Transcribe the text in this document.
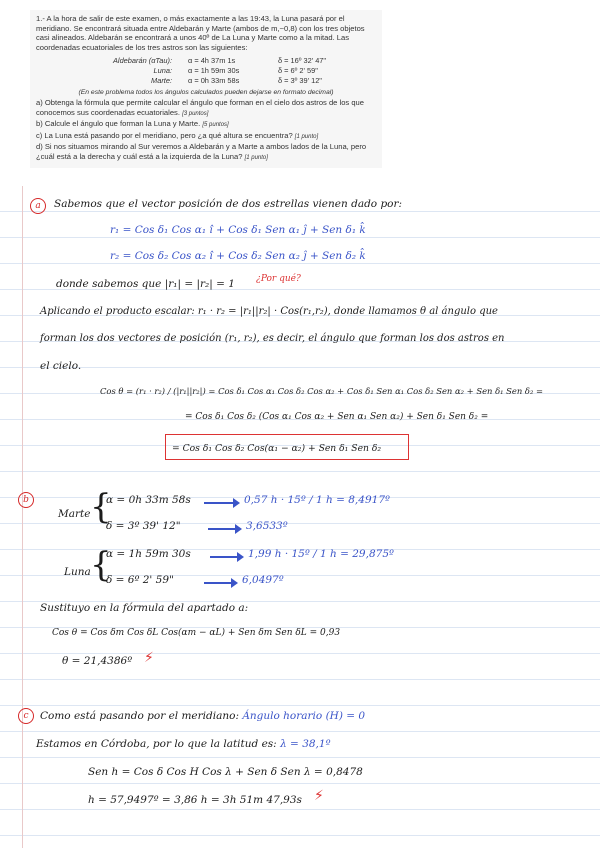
1.- A la hora de salir de este examen, o más exactamente a las 19:43, la Luna pasará por el meridiano. Se encontrará situada entre Aldebarán y Marte (ambos de m,~0,8) con los tres objetos casi alineados. Aldebarán se encontrará a unos 40º de La Luna y Marte como a la mitad. Las coordenadas ecuatoriales de los tres astros son las siguientes:

Aldebarán (αTau):	α = 4h 37m 1s	δ = 16º 32' 47"
Luna:	α = 1h 59m 30s	δ = 6º 2' 59"
Marte:	α = 0h 33m 58s	δ = 3º 39' 12"

(En este problema todos los ángulos calculados pueden dejarse en formato decimal)

a) Obtenga la fórmula que permite calcular el ángulo que forman en el cielo dos astros de los que conocemos sus coordenadas ecuatoriales. [3 puntos]

b) Calcule el ángulo que forman la Luna y Marte. [5 puntos]

c) La Luna está pasando por el meridiano, pero ¿a qué altura se encuentra? [1 punto]

d) Si nos situamos mirando al Sur veremos a Aldebarán y a Marte a ambos lados de la Luna, pero ¿cuál está a la derecha y cuál está a la izquierda de la Luna? [1 punto]

a	Sabemos que el vector posición de dos estrellas vienen dado por:
r₁ = Cos δ₁ Cos α₁ î + Cos δ₁ Sen α₁ ĵ + Sen δ₁ k̂
r₂ = Cos δ₂ Cos α₂ î + Cos δ₂ Sen α₂ ĵ + Sen δ₂ k̂
donde sabemos que |r₁| = |r₂| = 1 ¿Por qué?
Aplicando el producto escalar: r₁ · r₂ = |r₁||r₂| · Cos(r₁,r₂), donde llamamos θ al ángulo que
forman los dos vectores de posición (r₁, r₂), es decir, el ángulo que forman los dos astros en
el cielo.
Cos θ = (r₁ · r₂) / (|r₁||r₂|) = Cos δ₁ Cos α₁ Cos δ₂ Cos α₂ + Cos δ₁ Sen α₁ Cos δ₂ Sen α₂ + Sen δ₁ Sen δ₂ =
= Cos δ₁ Cos δ₂ (Cos α₁ Cos α₂ + Sen α₁ Sen α₂) + Sen δ₁ Sen δ₂ =
= Cos δ₁ Cos δ₂ Cos(α₁ − α₂) + Sen δ₁ Sen δ₂
b
Marte {
α = 0h 33m 58s	0,57 h · 15º / 1 h = 8,4917º
δ = 3º 39' 12"	3,6533º
Luna {
α = 1h 59m 30s	1,99 h · 15º / 1 h = 29,875º
δ = 6º 2' 59"	6,0497º
Sustituyo en la fórmula del apartado a:
Cos θ = Cos δm Cos δL Cos(αm − αL) + Sen δm Sen δL = 0,93
θ = 21,4386º ⚡
c	Como está pasando por el meridiano: Ángulo horario (H) = 0
Estamos en Córdoba, por lo que la latitud es: λ = 38,1º
Sen h = Cos δ Cos H Cos λ + Sen δ Sen λ = 0,8478
h = 57,9497º = 3,86 h = 3h 51m 47,93s ⚡
